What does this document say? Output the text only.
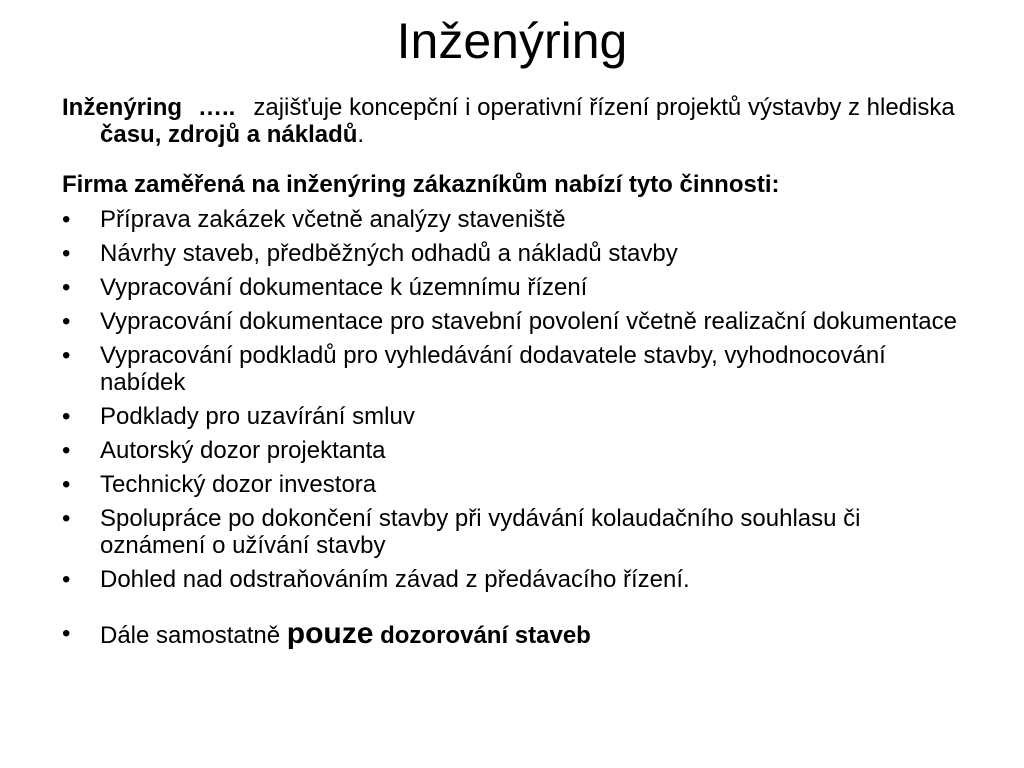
Inženýring

Inženýring ….. zajišťuje koncepční i operativní řízení projektů výstavby z hlediska času, zdrojů a nákladů.

Firma zaměřená na inženýring zákazníkům nabízí tyto činnosti:

• Příprava zakázek včetně analýzy staveniště
• Návrhy staveb, předběžných odhadů a nákladů stavby
• Vypracování dokumentace k územnímu řízení
• Vypracování dokumentace pro stavební povolení včetně realizační dokumentace
• Vypracování podkladů pro vyhledávání dodavatele stavby, vyhodnocování nabídek
• Podklady pro uzavírání smluv
• Autorský dozor projektanta
• Technický dozor investora
• Spolupráce po dokončení stavby při vydávání kolaudačního souhlasu či oznámení o užívání stavby
• Dohled nad odstraňováním závad z předávacího řízení.
• Dále samostatně pouze dozorování staveb
